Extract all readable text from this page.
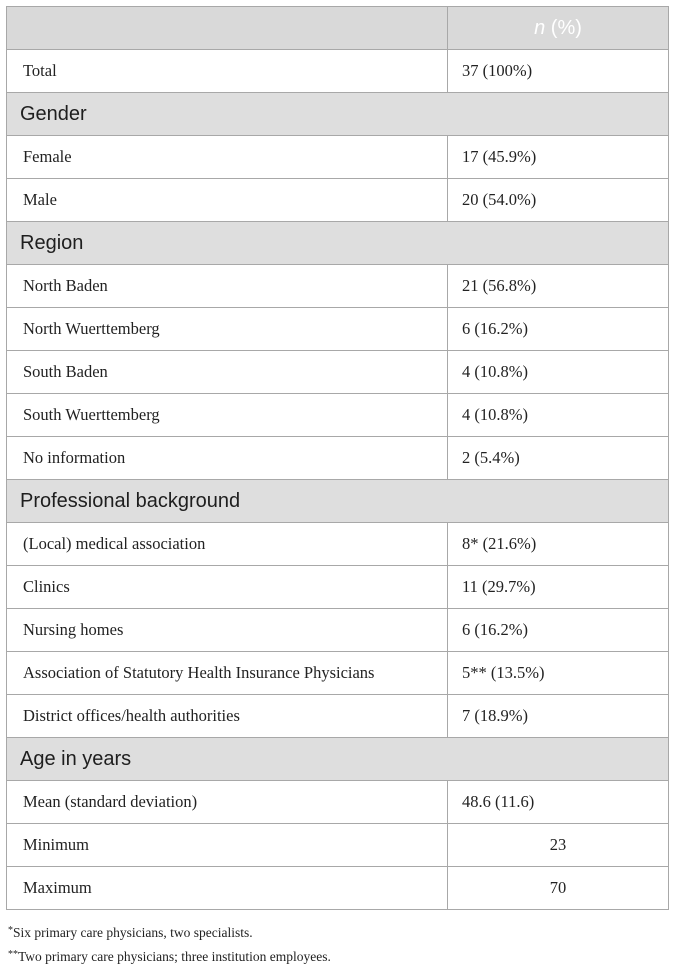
	n (%)
Total	37 (100%)
Gender	
Female	17 (45.9%)
Male	20 (54.0%)
Region	
North Baden	21 (56.8%)
North Wuerttemberg	6 (16.2%)
South Baden	4 (10.8%)
South Wuerttemberg	4 (10.8%)
No information	2 (5.4%)
Professional background	
(Local) medical association	8* (21.6%)
Clinics	11 (29.7%)
Nursing homes	6 (16.2%)
Association of Statutory Health Insurance Physicians	5** (13.5%)
District offices/health authorities	7 (18.9%)
Age in years	
Mean (standard deviation)	48.6 (11.6)
Minimum	23
Maximum	70
*Six primary care physicians, two specialists.
**Two primary care physicians; three institution employees.
